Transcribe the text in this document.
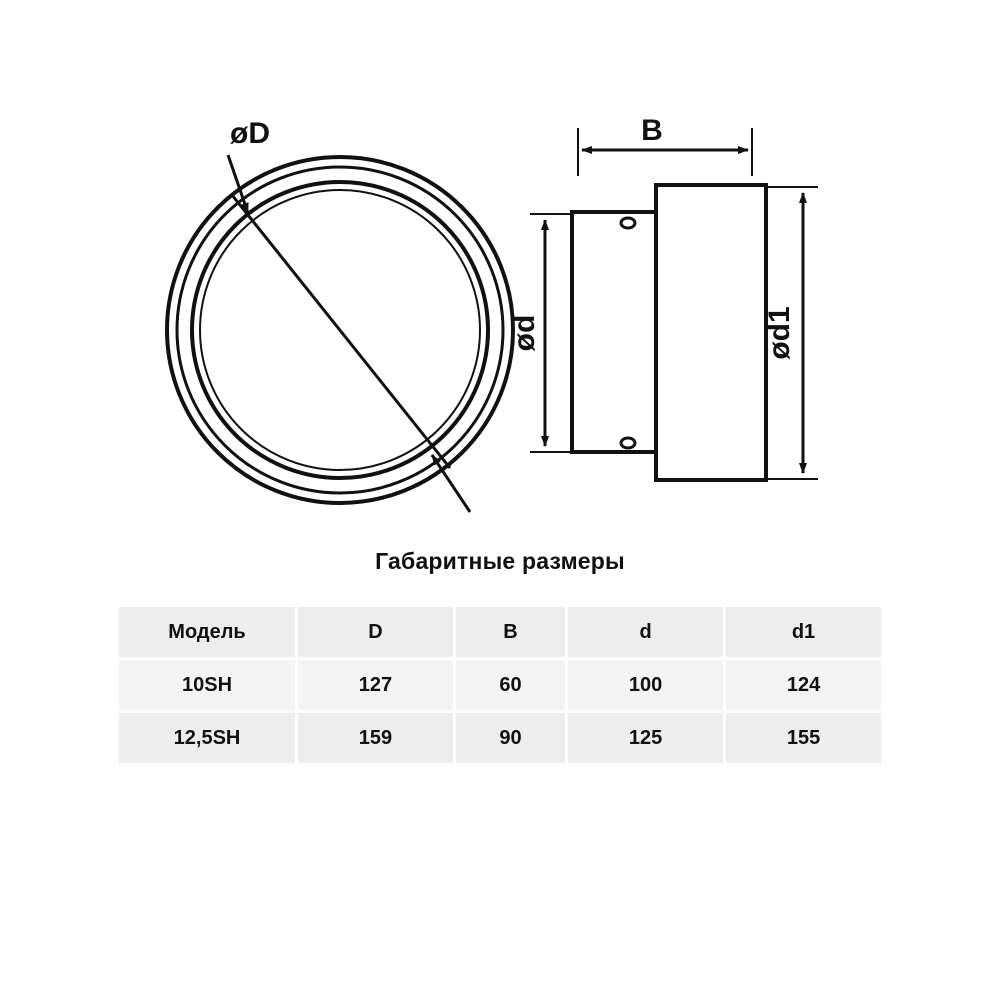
øD	B
ød	ød1
Габаритные размеры
Модель	D	B	d	d1
10SH	127	60	100	124
12,5SH	159	90	125	155
